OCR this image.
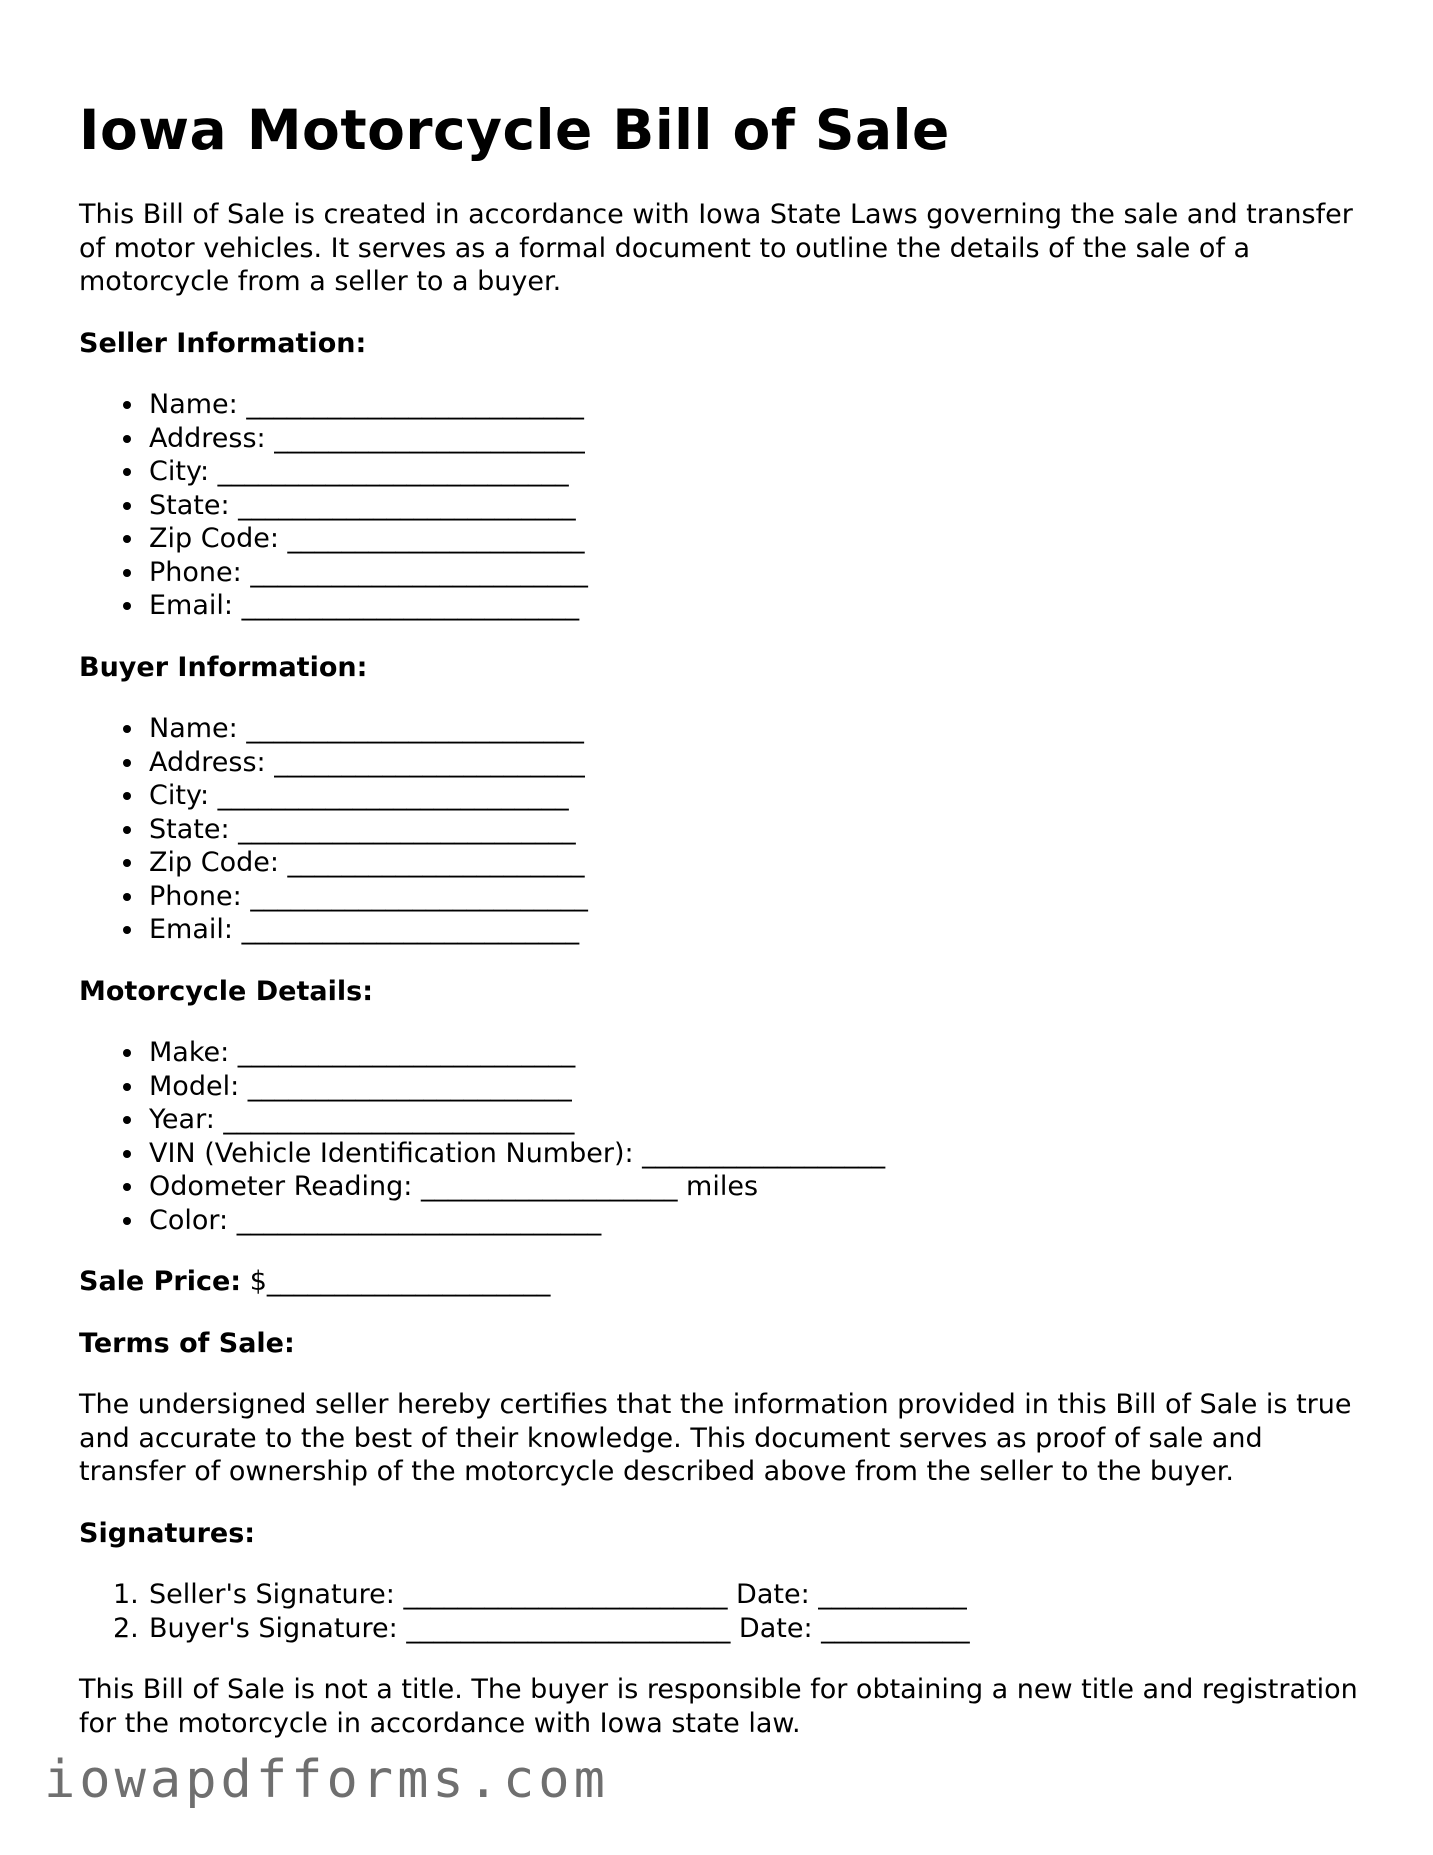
Iowa Motorcycle Bill of Sale

This Bill of Sale is created in accordance with Iowa State Laws governing the sale and transfer of motor vehicles. It serves as a formal document to outline the details of the sale of a motorcycle from a seller to a buyer.

Seller Information:
Name: _________________________
Address: _______________________
City: __________________________
State: _________________________
Zip Code: ______________________
Phone: _________________________
Email: _________________________
Buyer Information:
Name: _________________________
Address: _______________________
City: __________________________
State: _________________________
Zip Code: ______________________
Phone: _________________________
Email: _________________________
Motorcycle Details:
Make: _________________________
Model: ________________________
Year: __________________________
VIN (Vehicle Identification Number): __________________
Odometer Reading: ___________________ miles
Color: ___________________________

Sale Price: $_____________________

Terms of Sale:

The undersigned seller hereby certifies that the information provided in this Bill of Sale is true and accurate to the best of their knowledge. This document serves as proof of sale and transfer of ownership of the motorcycle described above from the seller to the buyer.

Signatures:
1. Seller's Signature: ________________________ Date: ___________
2. Buyer's Signature: ________________________ Date: ___________

This Bill of Sale is not a title. The buyer is responsible for obtaining a new title and registration for the motorcycle in accordance with Iowa state law.

iowapdfforms.com
